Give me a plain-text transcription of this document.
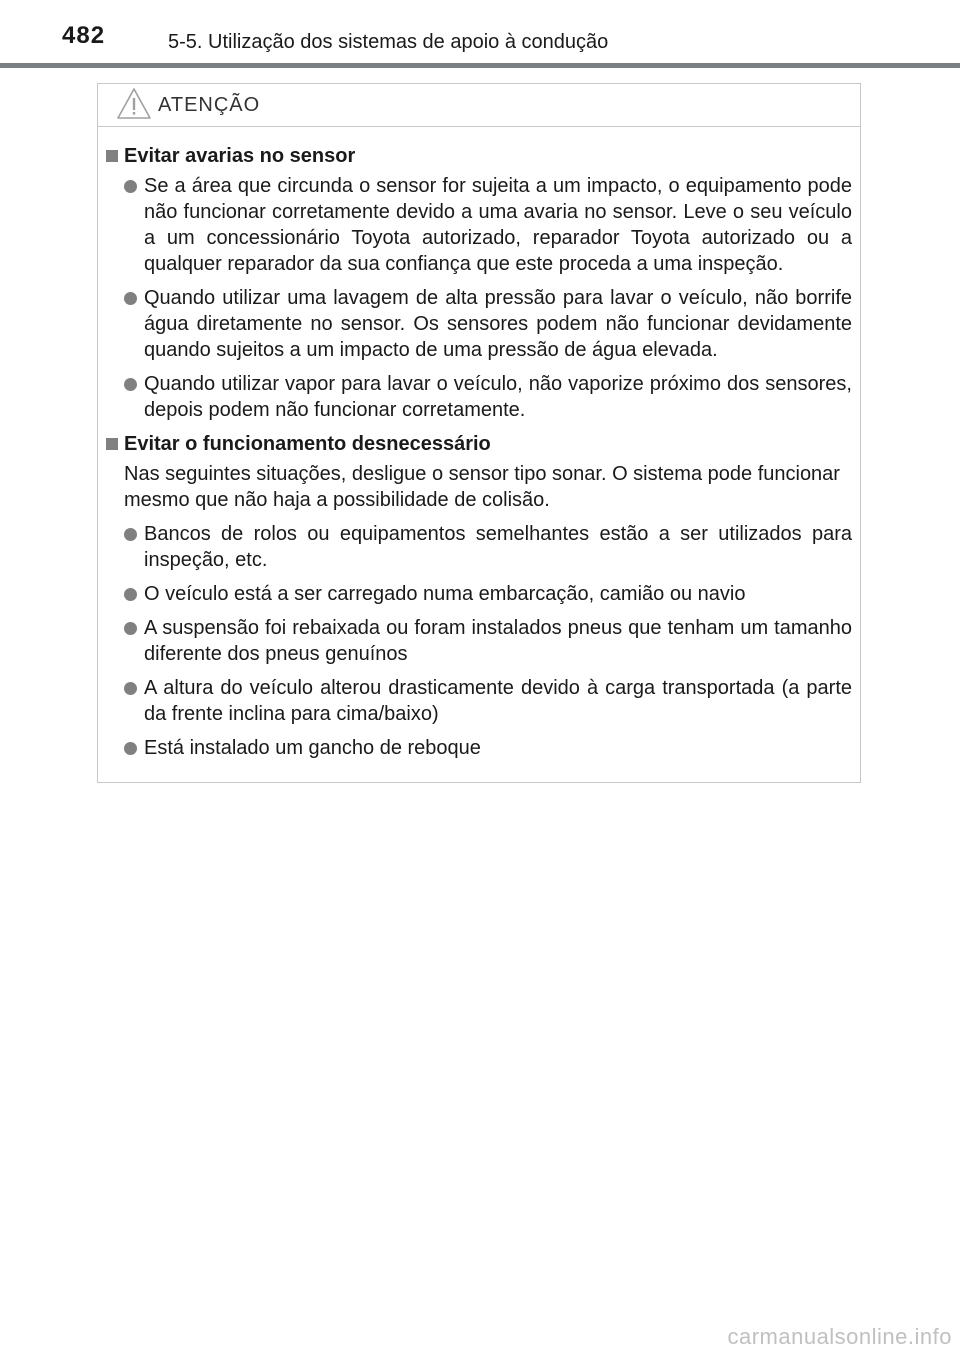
482	5-5. Utilização dos sistemas de apoio à condução
ATENÇÃO
Evitar avarias no sensor
Se a área que circunda o sensor for sujeita a um impacto, o equipamento pode não funcionar corretamente devido a uma avaria no sensor. Leve o seu veículo a um concessionário Toyota autorizado, reparador Toyota autorizado ou a qualquer reparador da sua confiança que este proceda a uma inspeção.
Quando utilizar uma lavagem de alta pressão para lavar o veículo, não borrife água diretamente no sensor. Os sensores podem não funcionar devidamente quando sujeitos a um impacto de uma pressão de água elevada.
Quando utilizar vapor para lavar o veículo, não vaporize próximo dos sensores, depois podem não funcionar corretamente.
Evitar o funcionamento desnecessário
Nas seguintes situações, desligue o sensor tipo sonar. O sistema pode funcionar mesmo que não haja a possibilidade de colisão.
Bancos de rolos ou equipamentos semelhantes estão a ser utilizados para inspeção, etc.
O veículo está a ser carregado numa embarcação, camião ou navio
A suspensão foi rebaixada ou foram instalados pneus que tenham um tamanho diferente dos pneus genuínos
A altura do veículo alterou drasticamente devido à carga transportada (a parte da frente inclina para cima/baixo)
Está instalado um gancho de reboque
carmanualsonline.info
